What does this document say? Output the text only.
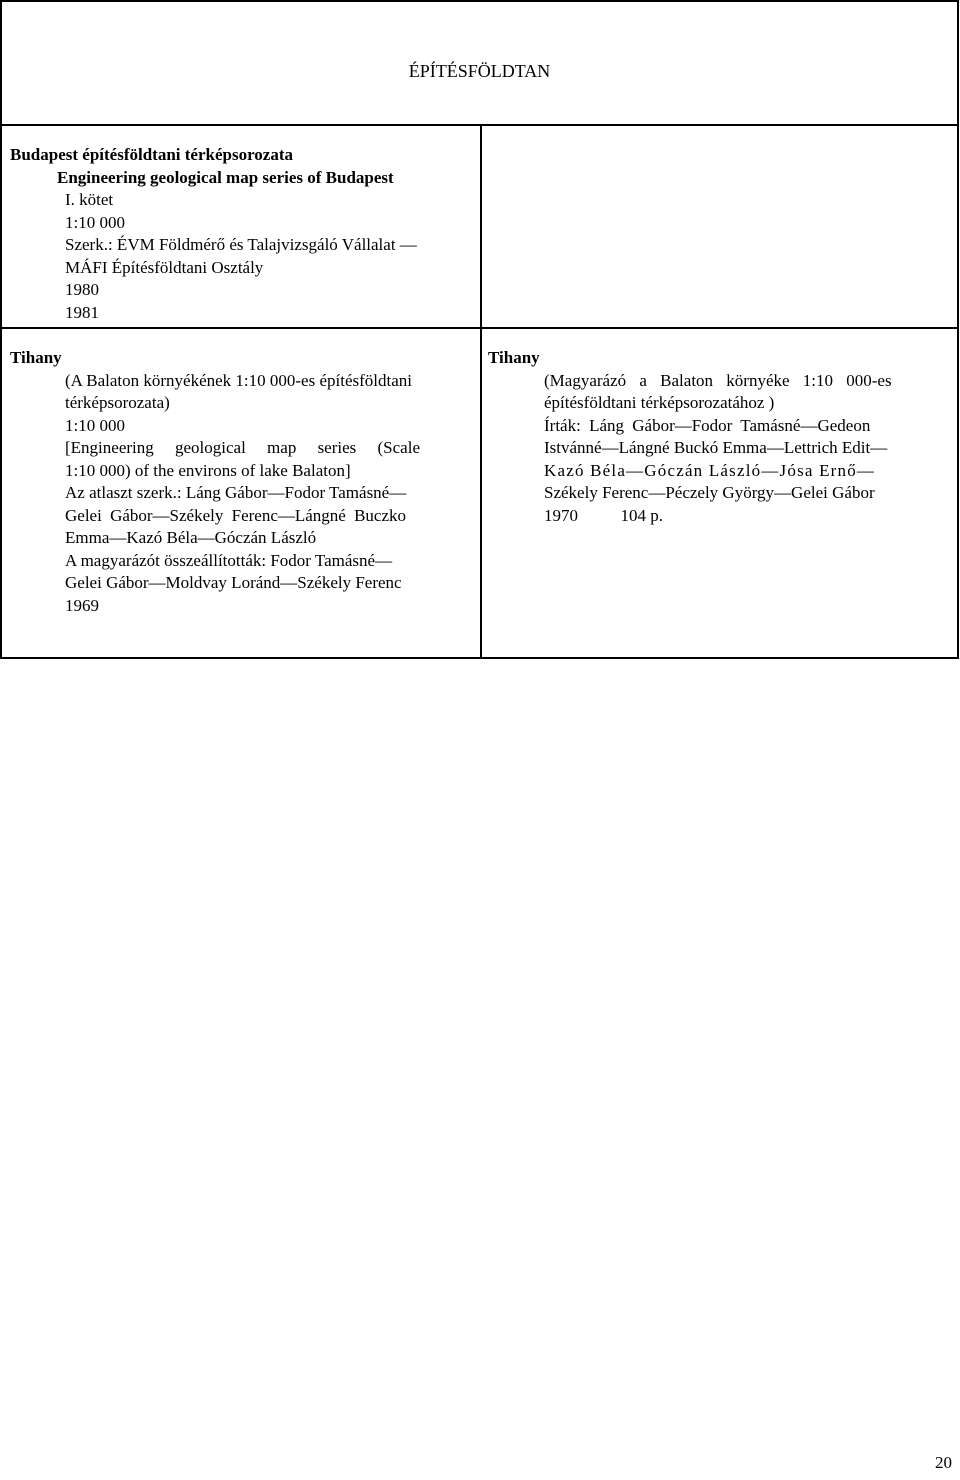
ÉPÍTÉSFÖLDTAN
Budapest építésföldtani térképsorozata
Engineering geological map series of Budapest
I. kötet
1:10 000
Szerk.: ÉVM Földmérő és Talajvizsgáló Vállalat —
MÁFI Építésföldtani Osztály
1980
1981
Tihany
(A Balaton környékének 1:10 000-es építésföldtani
térképsorozata)
1:10 000
[Engineering geological map series (Scale
1:10 000) of the environs of lake Balaton]
Az atlaszt szerk.: Láng Gábor—Fodor Tamásné—
Gelei Gábor—Székely Ferenc—Lángné Buczko
Emma—Kazó Béla—Góczán László
A magyarázót összeállították: Fodor Tamásné—
Gelei Gábor—Moldvay Loránd—Székely Ferenc
1969
Tihany
(Magyarázó a Balaton környéke 1:10 000-es
építésföldtani térképsorozatához )
Írták: Láng Gábor—Fodor Tamásné—Gedeon
Istvánné—Lángné Buckó Emma—Lettrich Edit—
Kazó Béla—Góczán László—Jósa Ernő—
Székely Ferenc—Péczely György—Gelei Gábor
1970          104 p.
20
